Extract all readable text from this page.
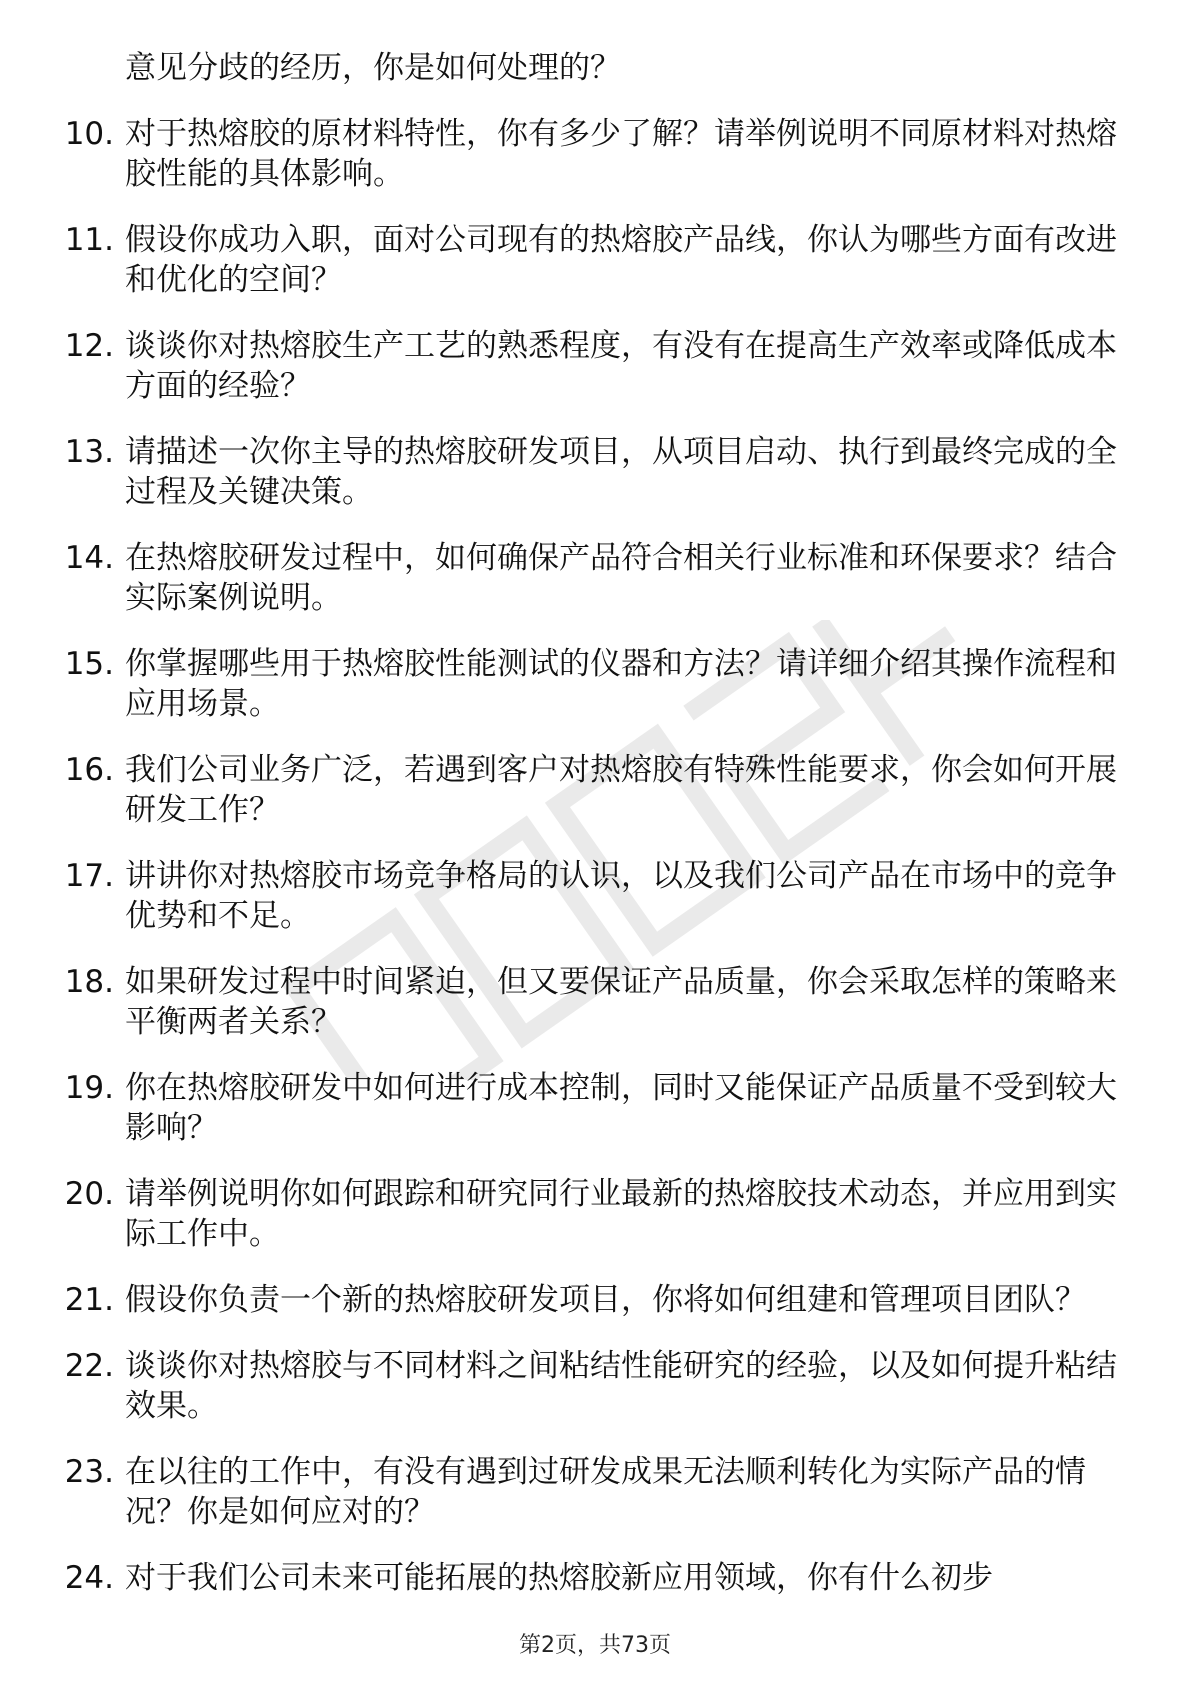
意见分歧的经历，你是如何处理的？
10. 对于热熔胶的原材料特性，你有多少了解？请举例说明不同原材料对热熔胶性能的具体影响。
11. 假设你成功入职，面对公司现有的热熔胶产品线，你认为哪些方面有改进和优化的空间？
12. 谈谈你对热熔胶生产工艺的熟悉程度，有没有在提高生产效率或降低成本方面的经验？
13. 请描述一次你主导的热熔胶研发项目，从项目启动、执行到最终完成的全过程及关键决策。
14. 在热熔胶研发过程中，如何确保产品符合相关行业标准和环保要求？结合实际案例说明。
15. 你掌握哪些用于热熔胶性能测试的仪器和方法？请详细介绍其操作流程和应用场景。
16. 我们公司业务广泛，若遇到客户对热熔胶有特殊性能要求，你会如何开展研发工作？
17. 讲讲你对热熔胶市场竞争格局的认识，以及我们公司产品在市场中的竞争优势和不足。
18. 如果研发过程中时间紧迫，但又要保证产品质量，你会采取怎样的策略来平衡两者关系？
19. 你在热熔胶研发中如何进行成本控制，同时又能保证产品质量不受到较大影响？
20. 请举例说明你如何跟踪和研究同行业最新的热熔胶技术动态，并应用到实际工作中。
21. 假设你负责一个新的热熔胶研发项目，你将如何组建和管理项目团队？
22. 谈谈你对热熔胶与不同材料之间粘结性能研究的经验，以及如何提升粘结效果。
23. 在以往的工作中，有没有遇到过研发成果无法顺利转化为实际产品的情况？你是如何应对的？
24. 对于我们公司未来可能拓展的热熔胶新应用领域，你有什么初步
第2页，共73页
